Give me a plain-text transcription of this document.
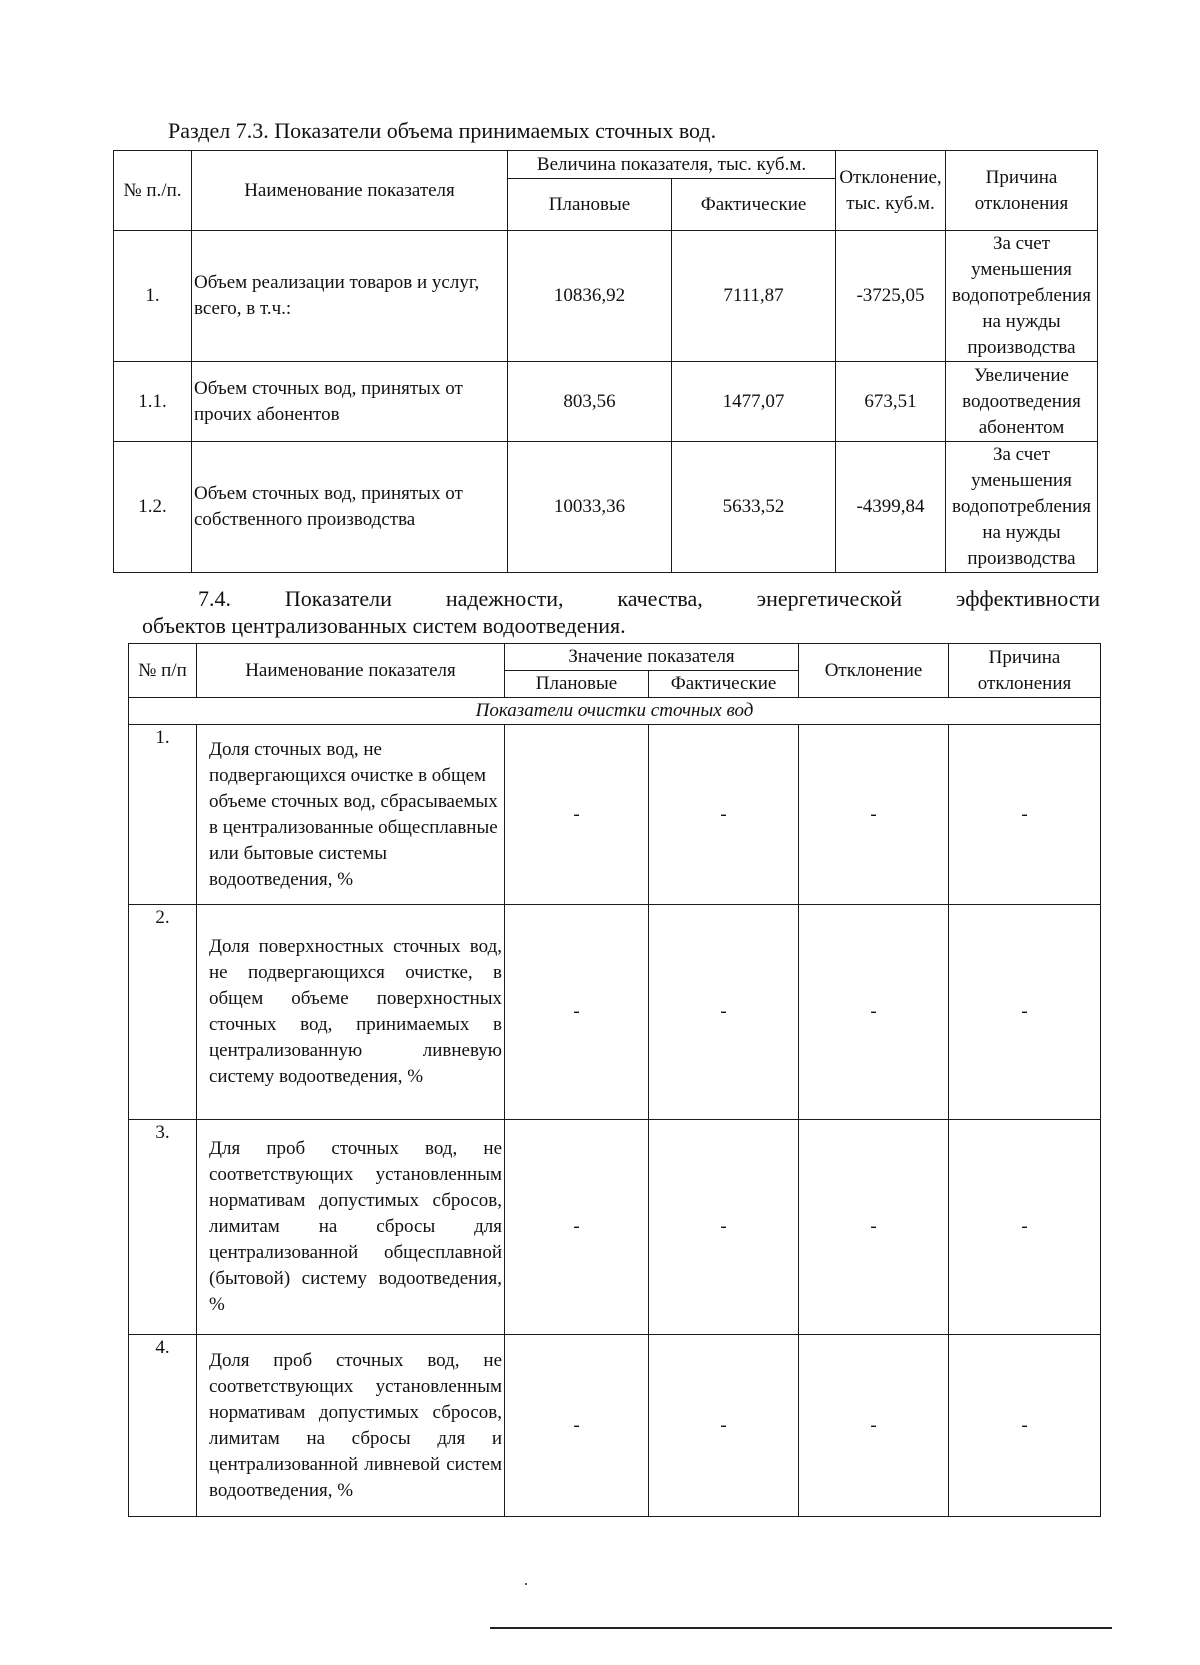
Раздел 7.3. Показатели объема принимаемых сточных вод.
№ п./п.	Наименование показателя	Величина показателя, тыс. куб.м.		Отклонение, тыс. куб.м.	Причина отклонения
		Плановые	Фактические		
1.	Объем реализации товаров и услуг, всего, в т.ч.:	10836,92	7111,87	-3725,05	За счет уменьшения водопотребления на нужды производства
1.1.	Объем сточных вод, принятых от прочих абонентов	803,56	1477,07	673,51	Увеличение водоотведения абонентом
1.2.	Объем сточных вод, принятых от собственного производства	10033,36	5633,52	-4399,84	За счет уменьшения водопотребления на нужды производства
7.4. Показатели надежности, качества, энергетической эффективности
объектов централизованных систем водоотведения.
№ п/п	Наименование показателя	Значение показателя		Отклонение	Причина отклонения
		Плановые	Фактические		
Показатели очистки сточных вод					
1.	Доля сточных вод, не подвергающихся очистке в общем объеме сточных вод, сбрасываемых в централизованные общесплавные или бытовые системы водоотведения, %	-	-	-	-
2.	Доля поверхностных сточных вод, не подвергающихся очистке, в общем объеме поверхностных сточных вод, принимаемых в централизованную ливневую систему водоотведения, %	-	-	-	-
3.	Для проб сточных вод, не соответствующих установленным нормативам допустимых сбросов, лимитам на сбросы для централизованной общесплавной (бытовой) систему водоотведения, %	-	-	-	-
4.	Доля проб сточных вод, не соответствующих установленным нормативам допустимых сбросов, лимитам на сбросы для и централизованной ливневой систем водоотведения, %	-	-	-	-
